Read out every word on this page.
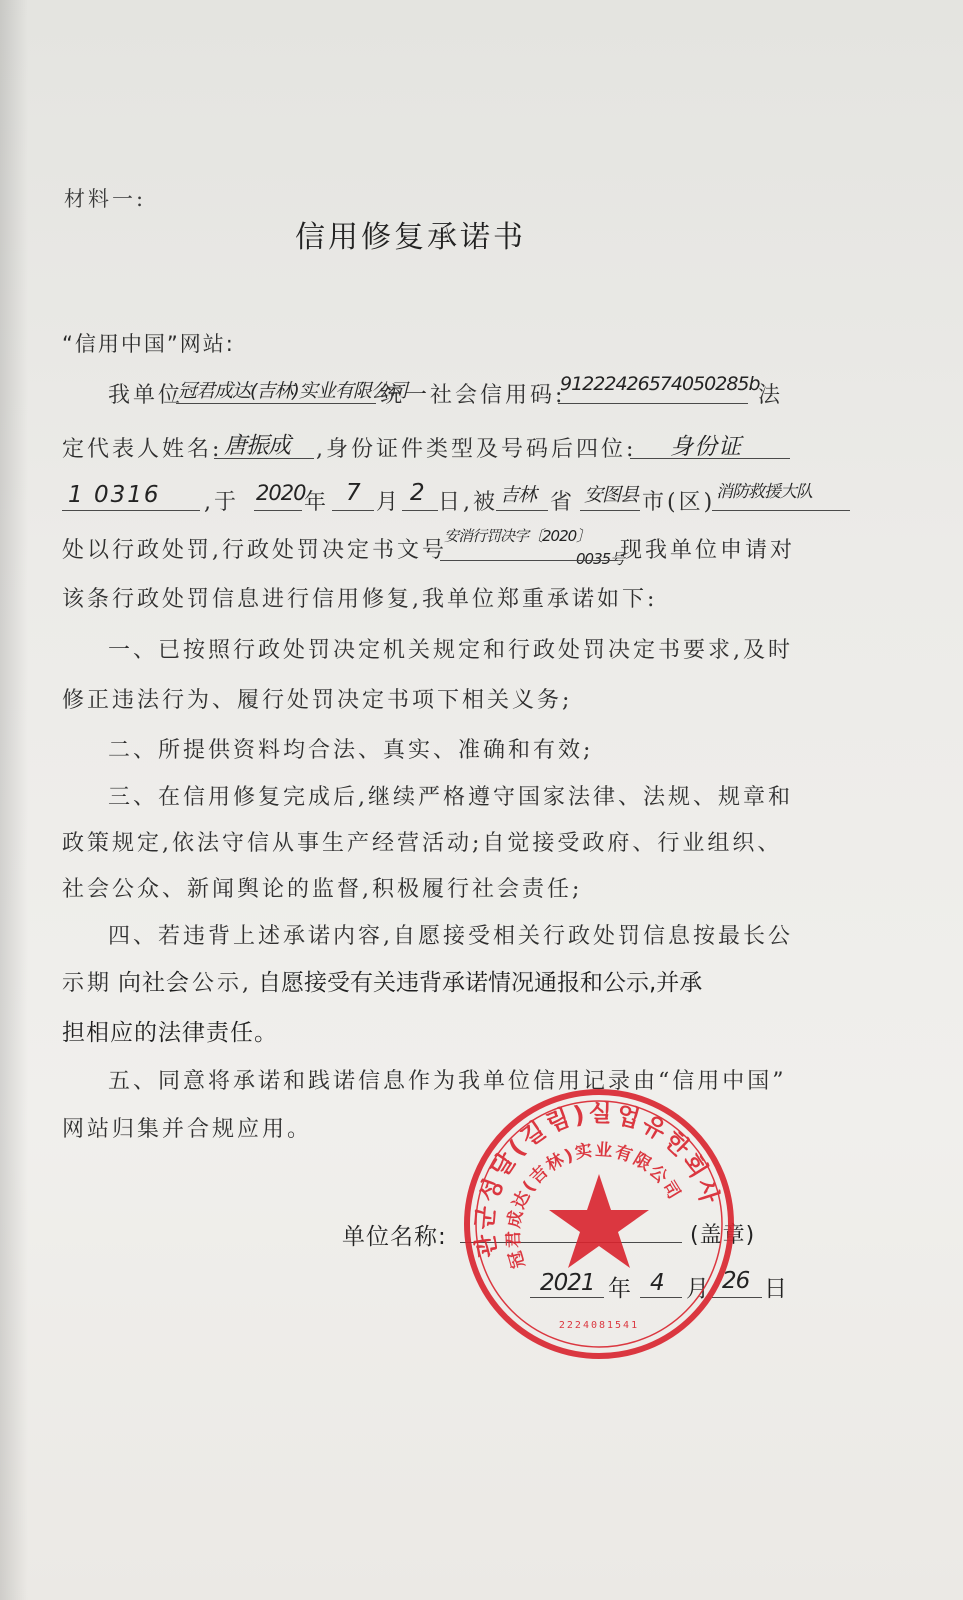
材料一:
信用修复承诺书
“信用中国”网站:
我单位
冠君成达(吉林)实业有限公司
统一社会信用码:
91222426574050285b
法
定代表人姓名: 唐振成 ,身份证件类型及号码后四位: 身份证
1 0316 ,于 2020
年 7 月 2 日,被 吉林 省 安图县 市(区) 消防救援大队
处以行政处罚,行政处罚决定书文号
安消行罚决字〔2020〕
0035号
现我单位申请对
该条行政处罚信息进行信用修复,我单位郑重承诺如下:
一、已按照行政处罚决定机关规定和行政处罚决定书要求,及时
修正违法行为、履行处罚决定书项下相关义务;
二、所提供资料均合法、真实、准确和有效;
三、在信用修复完成后,继续严格遵守国家法律、法规、规章和
政策规定,依法守信从事生产经营活动;自觉接受政府、行业组织、
社会公众、新闻舆论的监督,积极履行社会责任;
四、若违背上述承诺内容,自愿接受相关行政处罚信息按最长公
示期 向社会 公示, 自愿接受有关违背承诺情况通报和公示,并承
担相应的法律责任。
五、同意将承诺和践诺信息作为我单位信用记录由“信用中国”
网站归集并合规应用。
单位名称:	(盖章)
2021 年 4 月 26 日
관군성달(길림)실업유한회사
冠君成达(吉林)实业有限公司
2224081541
